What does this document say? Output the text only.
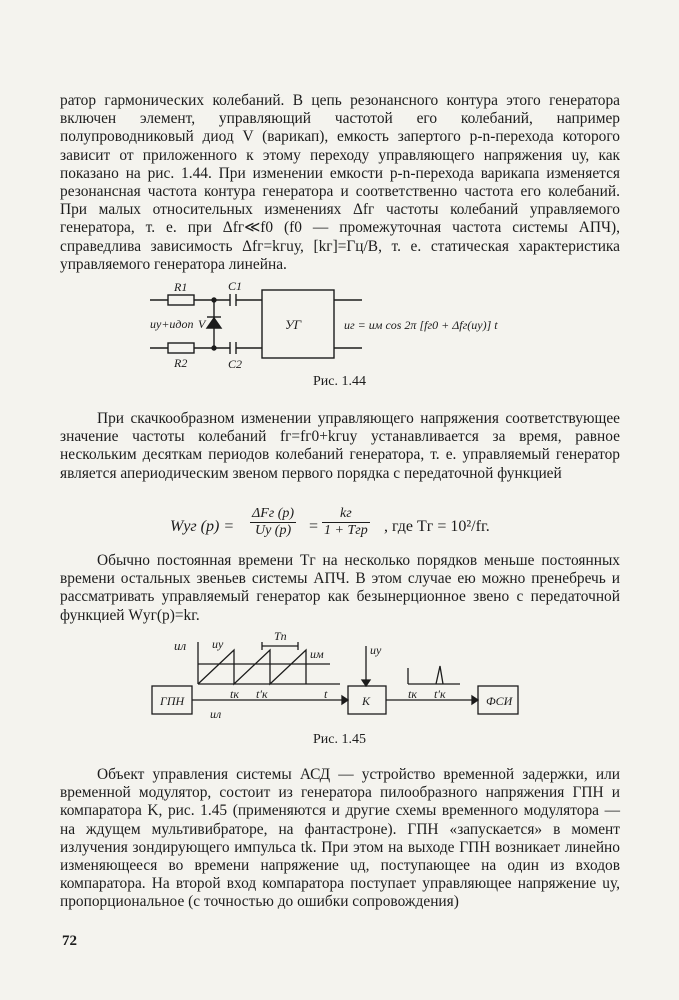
ратор гармонических колебаний. В цепь резонансного контура этого генератора включен элемент, управляющий частотой его колебаний, например полупроводниковый диод V (варикап), емкость запертого p-n-перехода которого зависит от приложенного к этому переходу управляющего напряжения uу, как показано на рис. 1.44. При изменении емкости p-n-перехода варикапа изменяется резонансная частота контура генератора и соответственно частота его колебаний. При малых относительных изменениях Δfг частоты колебаний управляемого генератора, т. е. при Δfг≪f0 (f0 — промежуточная частота системы АПЧ), справедлива зависимость Δfг=kгuу, [kг]=Гц/В, т. е. статическая характеристика управляемого генератора линейна.

R1
R2
C1
C2
uу+uдоп V	УГ	uг = uм cos 2π [fг0 + Δfг(uу)] t
Рис. 1.44

При скачкообразном изменении управляющего напряжения соответствующее значение частоты колебаний fг=fг0+kгuу устанавливается за время, равное нескольким десяткам периодов колебаний генератора, т. е. управляемый генератор является апериодическим звеном первого порядка с передаточной функцией

Wуг (p) =
ΔFг (p)
Uу (p)	=
kг
1 + Tгp , где Tг = 10²/fг.

Обычно постоянная времени Tг на несколько порядков меньше постоянных времени остальных звеньев системы АПЧ. В этом случае ею можно пренебречь и рассматривать управляемый генератор как безынерционное звено с передаточной функцией Wуг(p)=kг.

uл uу
Tп
uм	uу
tк t′к	t
ГПН
uл
К	tк t′к	ФСИ
Рис. 1.45

Объект управления системы АСД — устройство временной задержки, или временной модулятор, состоит из генератора пилообразного напряжения ГПН и компаратора K, рис. 1.45 (применяются и другие схемы временного модулятора — на ждущем мультивибраторе, на фантастроне). ГПН «запускается» в момент излучения зондирующего импульса tk. При этом на выходе ГПН возникает линейно изменяющееся во времени напряжение uд, поступающее на один из входов компаратора. На второй вход компаратора поступает управляющее напряжение uу, пропорциональное (с точностью до ошибки сопровождения)

72
